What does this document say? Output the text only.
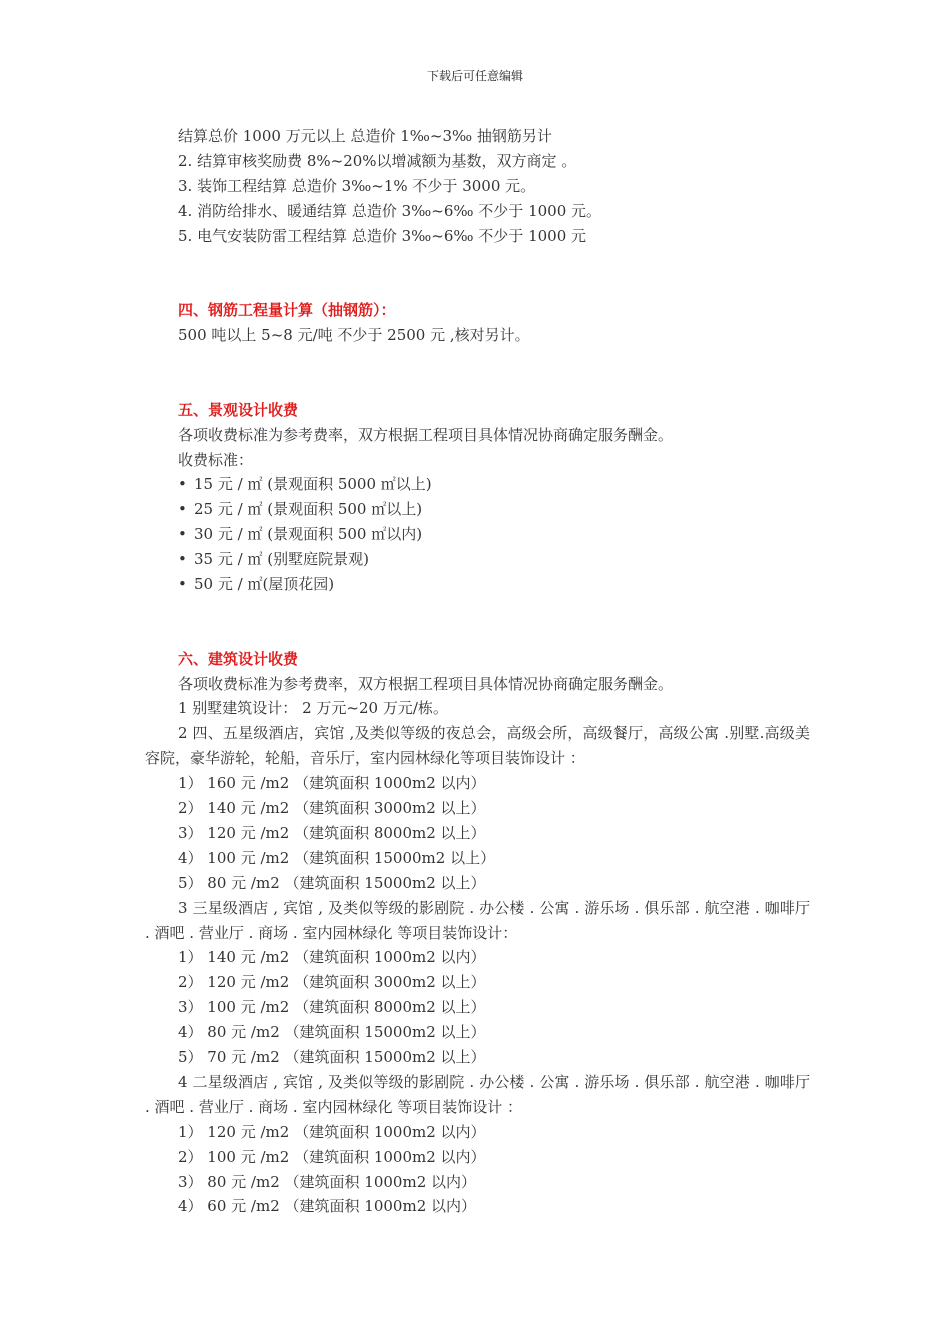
下载后可任意编辑
结算总价 1000 万元以上 总造价 1‰~3‰ 抽钢筋另计
2. 结算审核奖励费 8%~20%以增减额为基数，双方商定 。
3. 装饰工程结算 总造价 3‰~1% 不少于 3000 元。
4. 消防给排水、暖通结算 总造价 3‰~6‰ 不少于 1000 元。
5. 电气安装防雷工程结算 总造价 3‰~6‰ 不少于 1000 元
四、钢筋工程量计算（抽钢筋）：
500 吨以上 5~8 元/吨 不少于 2500 元 ,核对另计。
五、景观设计收费
各项收费标准为参考费率，双方根据工程项目具体情况协商确定服务酬金。
收费标准：
• 15 元 / ㎡ (景观面积 5000 ㎡以上)
• 25 元 / ㎡ (景观面积 500 ㎡以上)
• 30 元 / ㎡ (景观面积 500 ㎡以内)
• 35 元 / ㎡ (别墅庭院景观)
• 50 元 / ㎡(屋顶花园)
六、建筑设计收费
各项收费标准为参考费率，双方根据工程项目具体情况协商确定服务酬金。
1 别墅建筑设计： 2 万元~20 万元/栋。
2 四、五星级酒店，宾馆 ,及类似等级的夜总会，高级会所，高级餐厅，高级公寓 .别墅.高级美容院，豪华游轮，轮船，音乐厅，室内园林绿化等项目装饰设计 ：
1） 160 元 /m2 （建筑面积 1000m2 以内）
2） 140 元 /m2 （建筑面积 3000m2 以上）
3） 120 元 /m2 （建筑面积 8000m2 以上）
4） 100 元 /m2 （建筑面积 15000m2 以上）
5） 80 元 /m2 （建筑面积 15000m2 以上）
3 三星级酒店 , 宾馆 , 及类似等级的影剧院 . 办公楼 . 公寓 . 游乐场 . 俱乐部 . 航空港 . 咖啡厅 . 酒吧 . 营业厅 . 商场 . 室内园林绿化 等项目装饰设计：
1） 140 元 /m2 （建筑面积 1000m2 以内）
2） 120 元 /m2 （建筑面积 3000m2 以上）
3） 100 元 /m2 （建筑面积 8000m2 以上）
4） 80 元 /m2 （建筑面积 15000m2 以上）
5） 70 元 /m2 （建筑面积 15000m2 以上）
4 二星级酒店 , 宾馆 , 及类似等级的影剧院 . 办公楼 . 公寓 . 游乐场 . 俱乐部 . 航空港 . 咖啡厅 . 酒吧 . 营业厅 . 商场 . 室内园林绿化 等项目装饰设计 ：
1） 120 元 /m2 （建筑面积 1000m2 以内）
2） 100 元 /m2 （建筑面积 1000m2 以内）
3） 80 元 /m2 （建筑面积 1000m2 以内）
4） 60 元 /m2 （建筑面积 1000m2 以内）
